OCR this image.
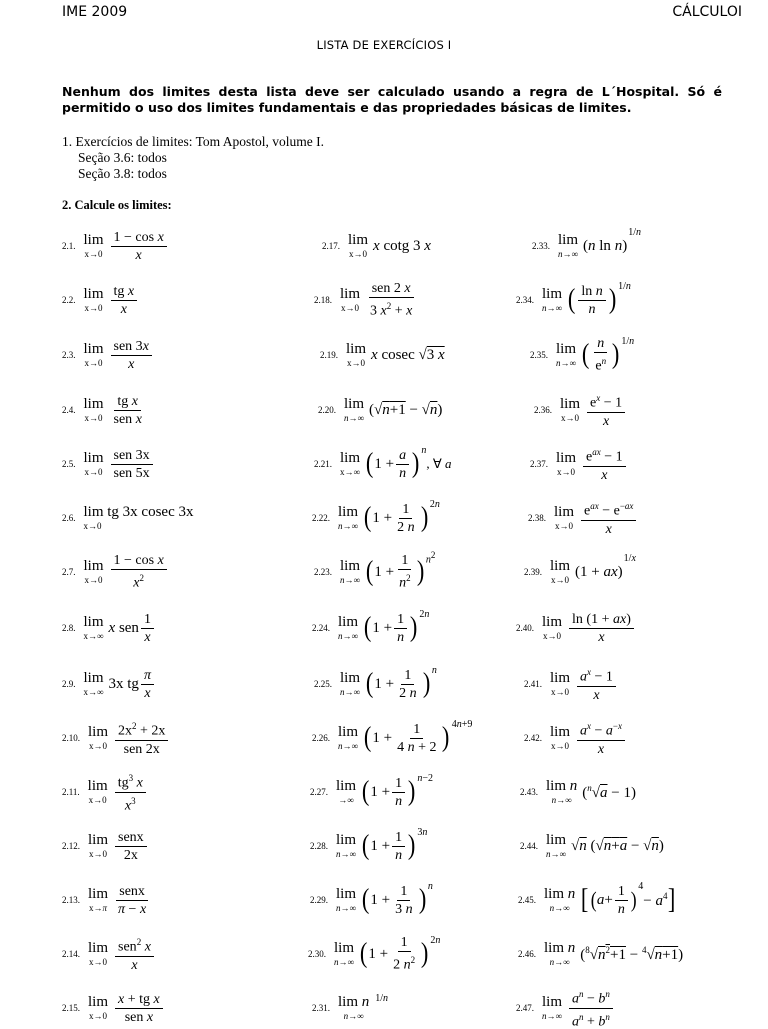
IME 2009	CÁLCULOI
LISTA DE EXERCÍCIOS I
Nenhum dos limites desta lista deve ser calculado usando a regra de L´Hospital. Só é permitido o uso dos limites fundamentais e das propriedades básicas de limites.
1. Exercícios de limites: Tom Apostol, volume I.
Seção 3.6: todos
Seção 3.8: todos
2. Calcule os limites:
2.1. lim
$x\to 0 \frac{\text{1 − cos x}}{x}$
2.2. lim
$x\to 0 \frac{\text{tg x}}{x}$
2.3. lim
$x\to 0 \frac{\text{sen 3x}}{x}$
2.4. lim
$x\to 0 \frac{\text{tg x}}{\text{sen x}}$
2.5. lim
$x\to 0 \frac{\text{sen 3x}}{\text{sen 5x}}$
2.6. lim tg 3x cosec 3x
x→0
2.7. lim
$x\to 0 \frac{\text{1 − cos x}}{x^2}$
2.8. lim
x→∞
x sen $\frac{1}{x}$
2.9. lim
x→∞
3x tg $\frac{\pi}{x}$
2.10. lim
$x\to 0 \frac{2x^2 + 2x}{\text{sen 2x}}$
2.11. lim
$x\to 0 \frac{tg^3 x}{x^3}$
2.12. lim
$x\to 0 \frac{\text{senx}}{2x}$
2.13. lim
$x\to\pi \frac{\text{senx}}{\pi - x}$
2.14. lim
$x\to 0 \frac{sen^2 x}{x}$
2.15. lim
$x\to 0 \frac{\text{x + tg x}}{\text{sen x}}$
2.17. lim
x→0
x cotg 3 x
2.18. lim
$x\to 0 \frac{\text{sen 2 x}}{3 x^2 + x}$
2.19. lim
x→0
x cosec √3 x
2.20. lim
n→∞
(√n+1 − √n)
2.21. lim
x→∞ ( $1 + \frac{a}{n}$ ) n
, ∀ a
2.22. lim
n→∞ ( $1 + \frac{1}{2 n}$ ) 2n
2.23. lim
n→∞ ( $1 + \frac{1}{n^2}$ ) $n^2$
2.24. lim
n→∞ ( $1 + \frac{1}{n}$ ) 2n
2.25. lim
n→∞ ( $1 + \frac{1}{2 n}$ ) n
2.26. lim
n→∞ ( $1 + \frac{1}{4 n + 2}$ ) 4n+9
2.27. lim
→∞ ( $1 + \frac{1}{n}$ ) n−2
2.28. lim
n→∞ ( $1 + \frac{1}{n}$ ) 3n
2.29. lim
n→∞ ( $1 + \frac{1}{3 n}$ ) n
2.30. lim
n→∞ ( $1 + \frac{1}{2 n^2}$ ) 2n
2.31. lim n
n→∞
1/n
2.33. lim
n→∞
(n ln n)
1/n
2.34. lim
n→∞ ( $\frac{\text{ln n}}{n}$ ) 1/n
2.35. lim
n→∞ ( $\frac{n}{e^n}$ ) 1/n
2.36. lim
$x\to 0 \frac{e^x - 1}{x}$
2.37. lim
$x\to 0 \frac{e^{ax} - 1}{x}$
2.38. lim
$x\to 0 \frac{e^{ax} - e^{-ax}}{x}$
2.39. lim
x→0
(1 + ax)
1/x
2.40. lim
$x\to 0 \frac{\ln (1 + ax)}{x}$
2.41. lim
$x\to 0 \frac{a^x - 1}{x}$
2.42. lim
$x\to 0 \frac{a^x - a^{-x}}{x}$
2.43. lim n
n→∞ ($^n$√a − 1)
2.44. lim
n→∞
√n (√n+a − √n)
2.45. lim n
n→∞ [ ( $a + \frac{1}{n}$ )
4
− $a^4$ ]
2.46. lim n
n→∞ $(^8√n^2+1 - ^4√n+1)$
2.47. lim
$n\to\infty \frac{a^n - b^n}{a^n + b^n}$
